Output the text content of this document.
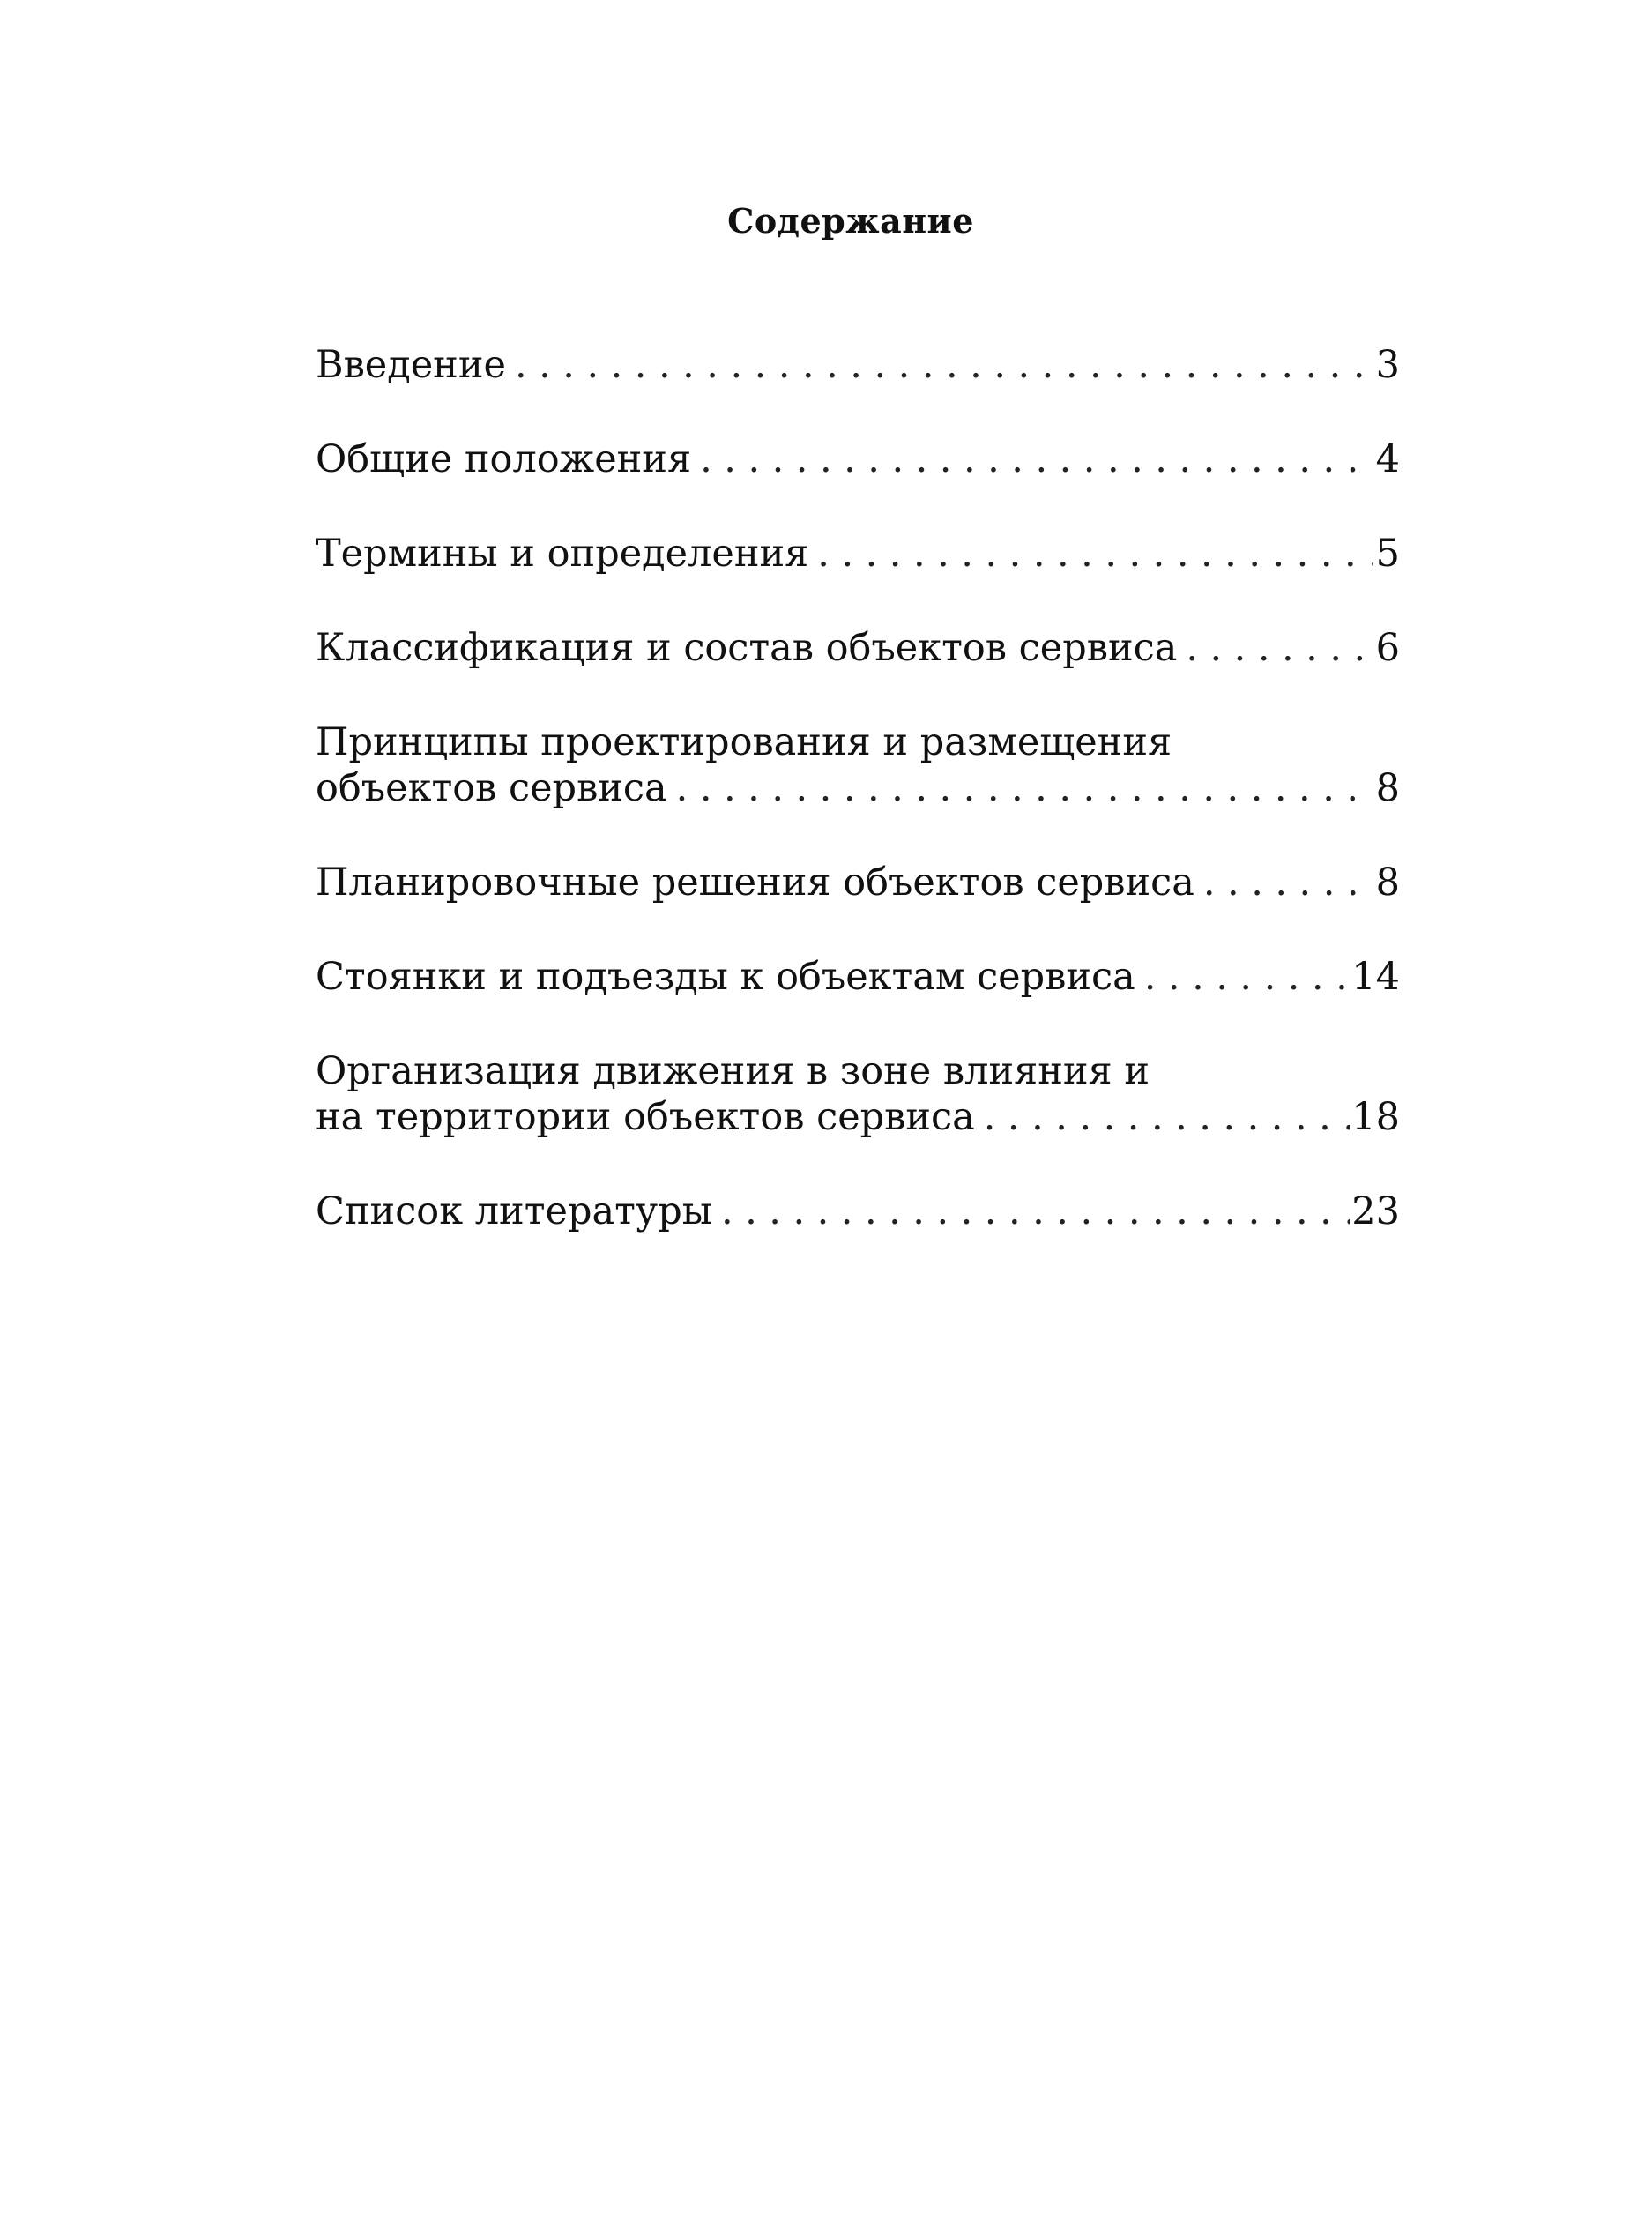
Содержание
Введение .....	3
Общие положения .....	4
Термины и определения .....	5
Классификация и состав объектов сервиса .....	6
Принципы проектирования и размещения
объектов сервиса .....	8
Планировочные решения объектов сервиса .....	8
Стоянки и подъезды к объектам сервиса .....	14
Организация движения в зоне влияния и
на территории объектов сервиса .....	18
Список литературы .....	23
